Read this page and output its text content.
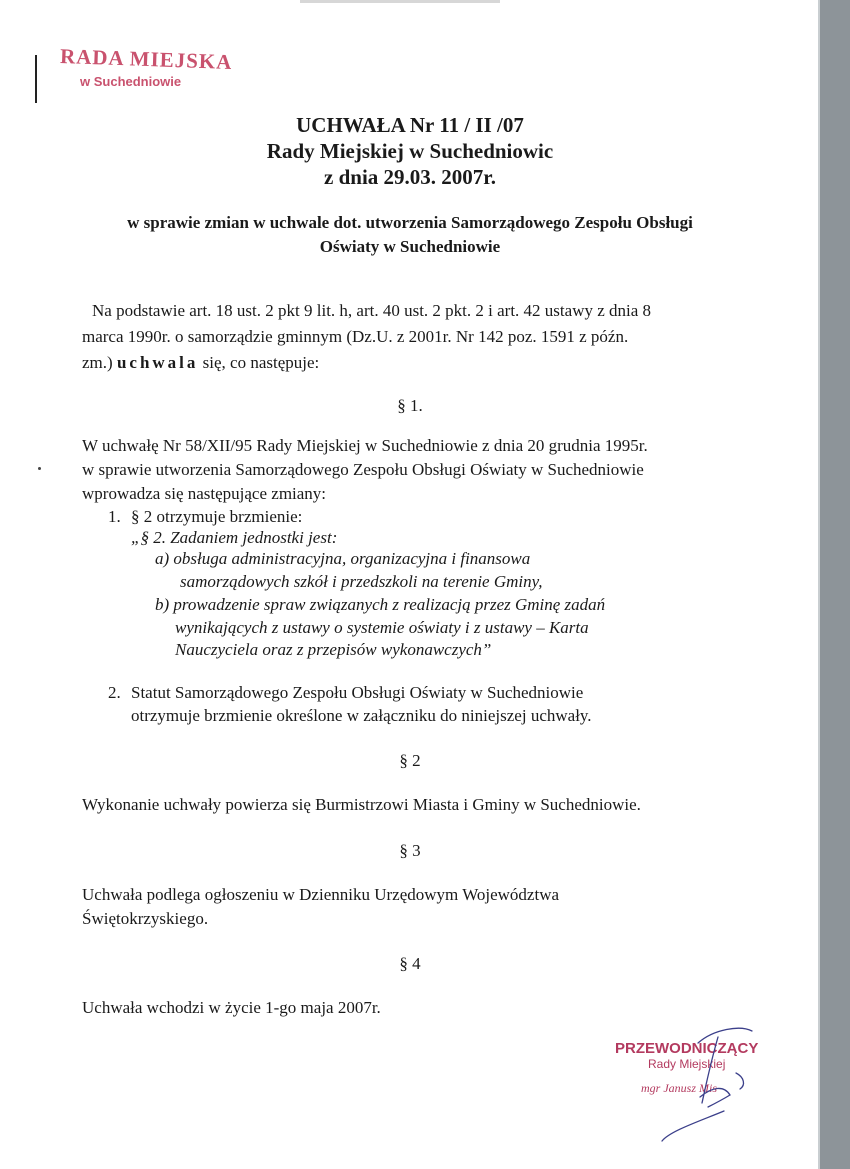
RADA MIEJSKA
w Suchedniowie
UCHWAŁA Nr 11 / II /07
Rady Miejskiej w Suchedniowic
z dnia 29.03. 2007r.
w sprawie zmian w uchwale dot. utworzenia Samorządowego Zespołu Obsługi
Oświaty w Suchedniowie
Na podstawie art. 18 ust. 2 pkt 9 lit. h, art. 40 ust. 2 pkt. 2 i art. 42 ustawy z dnia 8
marca 1990r. o samorządzie gminnym (Dz.U. z 2001r. Nr 142 poz. 1591 z późn.
zm.) uchwala się, co następuje:
§ 1.
W uchwałę Nr 58/XII/95 Rady Miejskiej w Suchedniowie z dnia 20 grudnia 1995r.
w sprawie utworzenia Samorządowego Zespołu Obsługi Oświaty w Suchedniowie
wprowadza się następujące zmiany:
1. § 2 otrzymuje brzmienie:
„§ 2. Zadaniem jednostki jest:
a) obsługa administracyjna, organizacyjna i finansowa
samorządowych szkół i przedszkoli na terenie Gminy,
b) prowadzenie spraw związanych z realizacją przez Gminę zadań
wynikających z ustawy o systemie oświaty i z ustawy – Karta
Nauczyciela oraz z przepisów wykonawczych”
2. Statut Samorządowego Zespołu Obsługi Oświaty w Suchedniowie
otrzymuje brzmienie określone w załączniku do niniejszej uchwały.
§ 2
Wykonanie uchwały powierza się Burmistrzowi Miasta i Gminy w Suchedniowie.
§ 3
Uchwała podlega ogłoszeniu w Dzienniku Urzędowym Województwa
Świętokrzyskiego.
§ 4
Uchwała wchodzi w życie 1-go maja 2007r.
PRZEWODNICZĄCY
Rady Miejskiej
mgr Janusz Mis
